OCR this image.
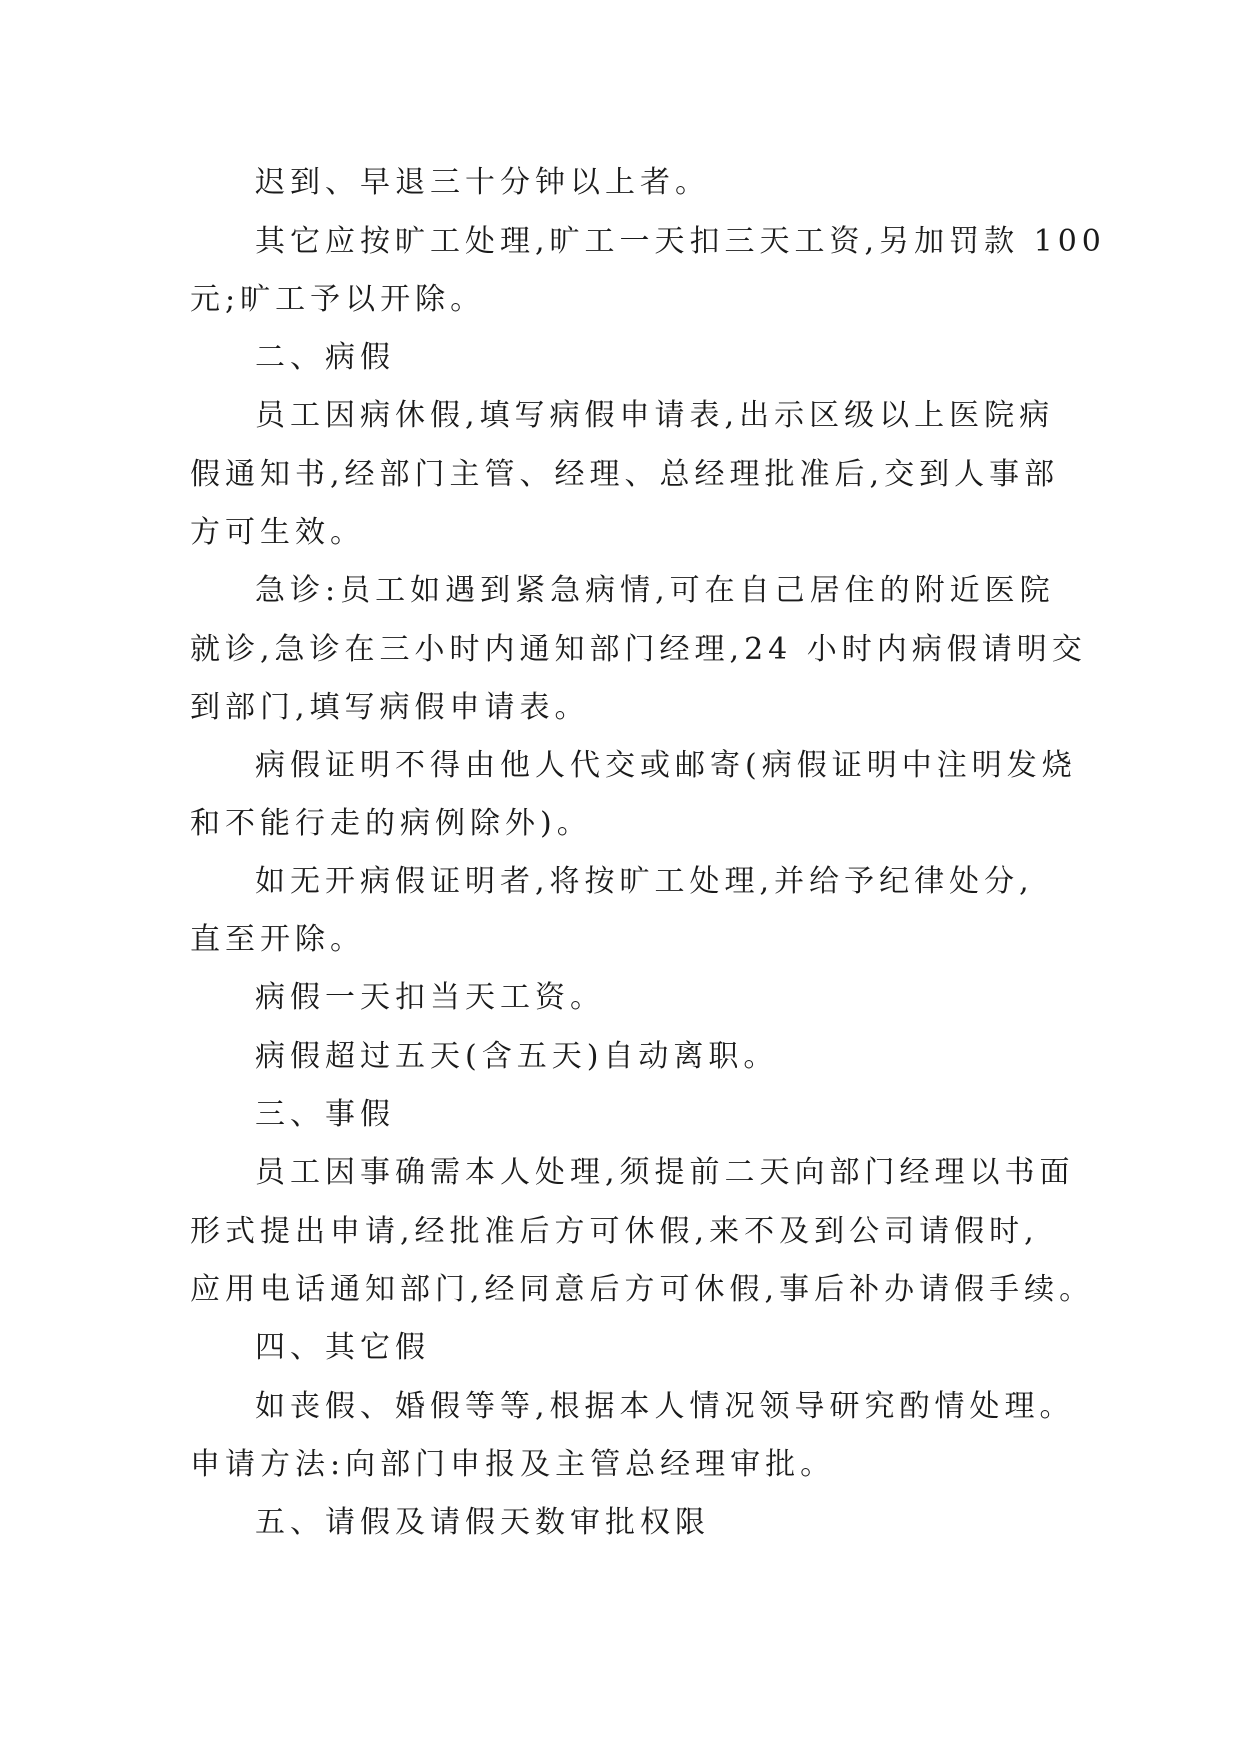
迟到、早退三十分钟以上者。
其它应按旷工处理,旷工一天扣三天工资,另加罚款 100
元;旷工予以开除。
二、病假
员工因病休假,填写病假申请表,出示区级以上医院病
假通知书,经部门主管、经理、总经理批准后,交到人事部
方可生效。
急诊:员工如遇到紧急病情,可在自己居住的附近医院
就诊,急诊在三小时内通知部门经理,24 小时内病假请明交
到部门,填写病假申请表。
病假证明不得由他人代交或邮寄(病假证明中注明发烧
和不能行走的病例除外)。
如无开病假证明者,将按旷工处理,并给予纪律处分,
直至开除。
病假一天扣当天工资。
病假超过五天(含五天)自动离职。
三、事假
员工因事确需本人处理,须提前二天向部门经理以书面
形式提出申请,经批准后方可休假,来不及到公司请假时,
应用电话通知部门,经同意后方可休假,事后补办请假手续。
四、其它假
如丧假、婚假等等,根据本人情况领导研究酌情处理。
申请方法:向部门申报及主管总经理审批。
五、请假及请假天数审批权限
